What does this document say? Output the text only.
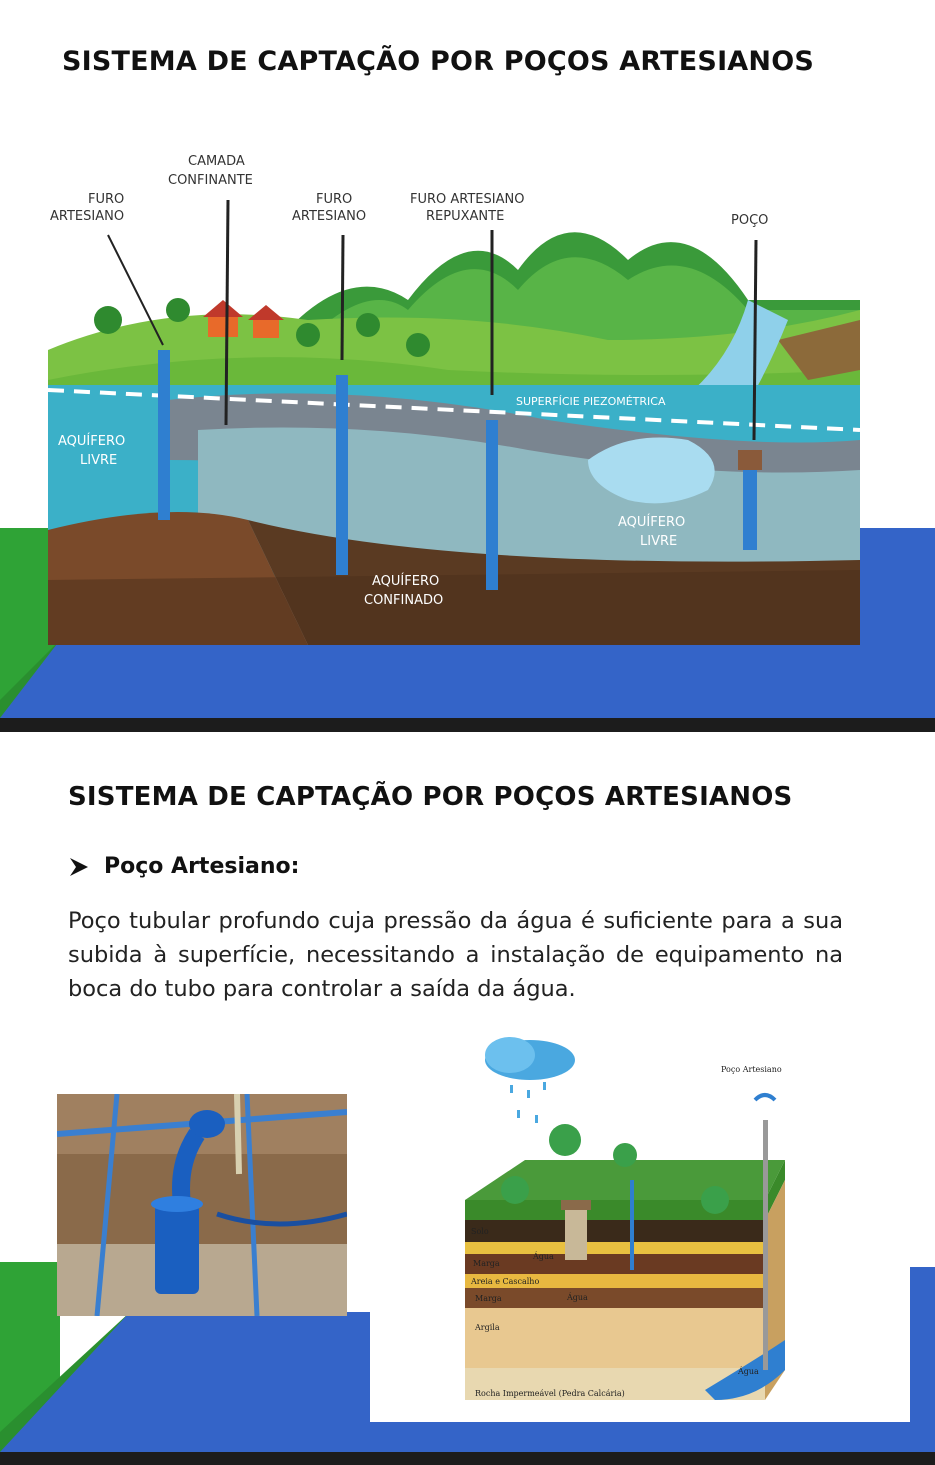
SISTEMA DE CAPTAÇÃO POR POÇOS ARTESIANOS
CAMADA
CONFINANTE
FURO
ARTESIANO
FURO
ARTESIANO
FURO ARTESIANO
REPUXANTE	POÇO
SUPERFÍCIE PIEZOMÉTRICA
AQUÍFERO
LIVRE
AQUÍFERO
LIVRE
AQUÍFERO
CONFINADO
SISTEMA DE CAPTAÇÃO POR POÇOS ARTESIANOS
Poço Artesiano:

Poço tubular profundo cuja pressão da água é suficiente para a sua subida à superfície, necessitando a instalação de equipamento na boca do tubo para controlar a saída da água.

Poço Artesiano
Solo
Marga
Água
Areia e Cascalho
Água
Marga
Argila
Água
Rocha Impermeável (Pedra Calcária)
